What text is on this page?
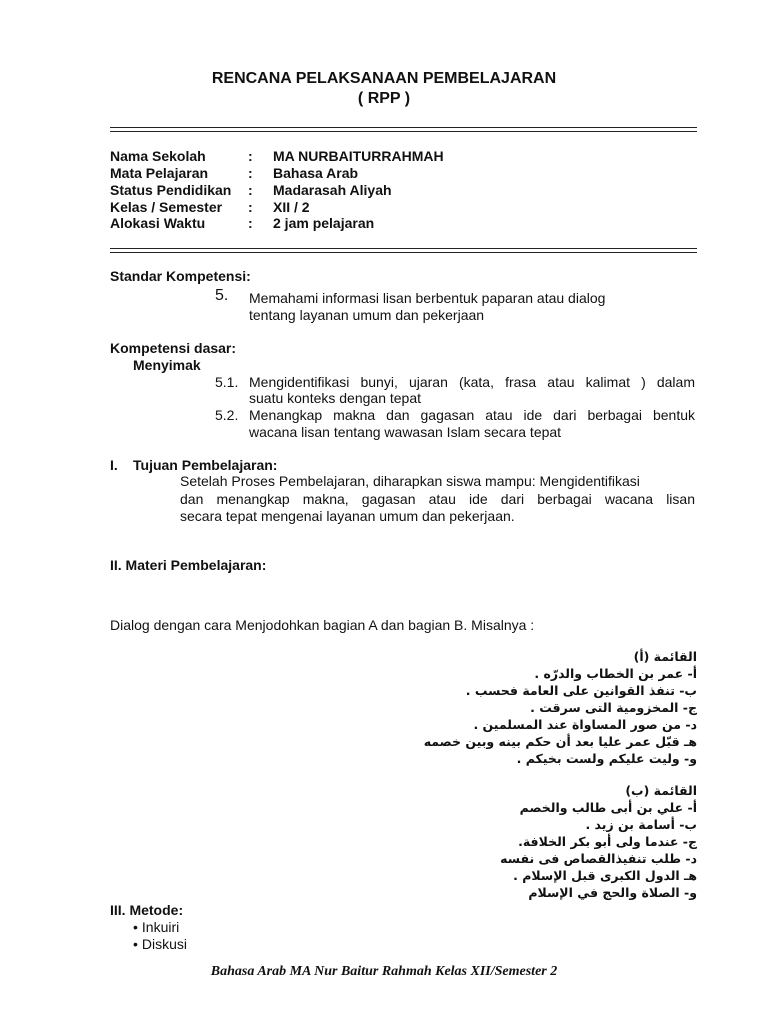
RENCANA PELAKSANAAN PEMBELAJARAN
( RPP )
Nama Sekolah	: MA NURBAITURRAHMAH
Mata Pelajaran	: Bahasa Arab
Status Pendidikan : Madarasah Aliyah
Kelas / Semester : XII / 2
Alokasi Waktu	: 2 jam pelajaran
Standar Kompetensi:
5. Memahami informasi lisan berbentuk paparan atau dialog
tentang layanan umum dan pekerjaan
Kompetensi dasar:
Menyimak
5.1. Mengidentifikasi bunyi, ujaran (kata, frasa atau kalimat ) dalam
suatu konteks dengan tepat
5.2. Menangkap makna dan gagasan atau ide dari berbagai bentuk
wacana lisan tentang wawasan Islam secara tepat
I. Tujuan Pembelajaran:
Setelah Proses Pembelajaran, diharapkan siswa mampu: Mengidentifikasi
dan menangkap makna, gagasan atau ide dari berbagai wacana lisan
secara tepat mengenai layanan umum dan pekerjaan.
II. Materi Pembelajaran:
Dialog dengan cara Menjodohkan bagian A dan bagian B. Misalnya :
القائمة (أ)
أ- عمر بن الخطاب والدرّه .
ب- تنفذ القوانين على العامة فحسب .
ج- المخزومية التى سرقت .
د- من صور المساواة عند المسلمين .
هـ قبّل عمر عليا بعد أن حكم بينه وبين خصمه
و- وليت عليكم ولست بخيكم .
القائمة (ب)
أ- علي بن أبى طالب والخصم
ب- أسامة بن زيد .
ج- عندما ولى أبو بكر الخلافة.
د- طلب تنفيذالقصاص فى نفسه
هـ الدول الكبرى قبل الإسلام .
و- الصلاة والحج في الإسلام
III. Metode:
• Inkuiri
• Diskusi
Bahasa Arab MA Nur Baitur Rahmah Kelas XII/Semester 2
